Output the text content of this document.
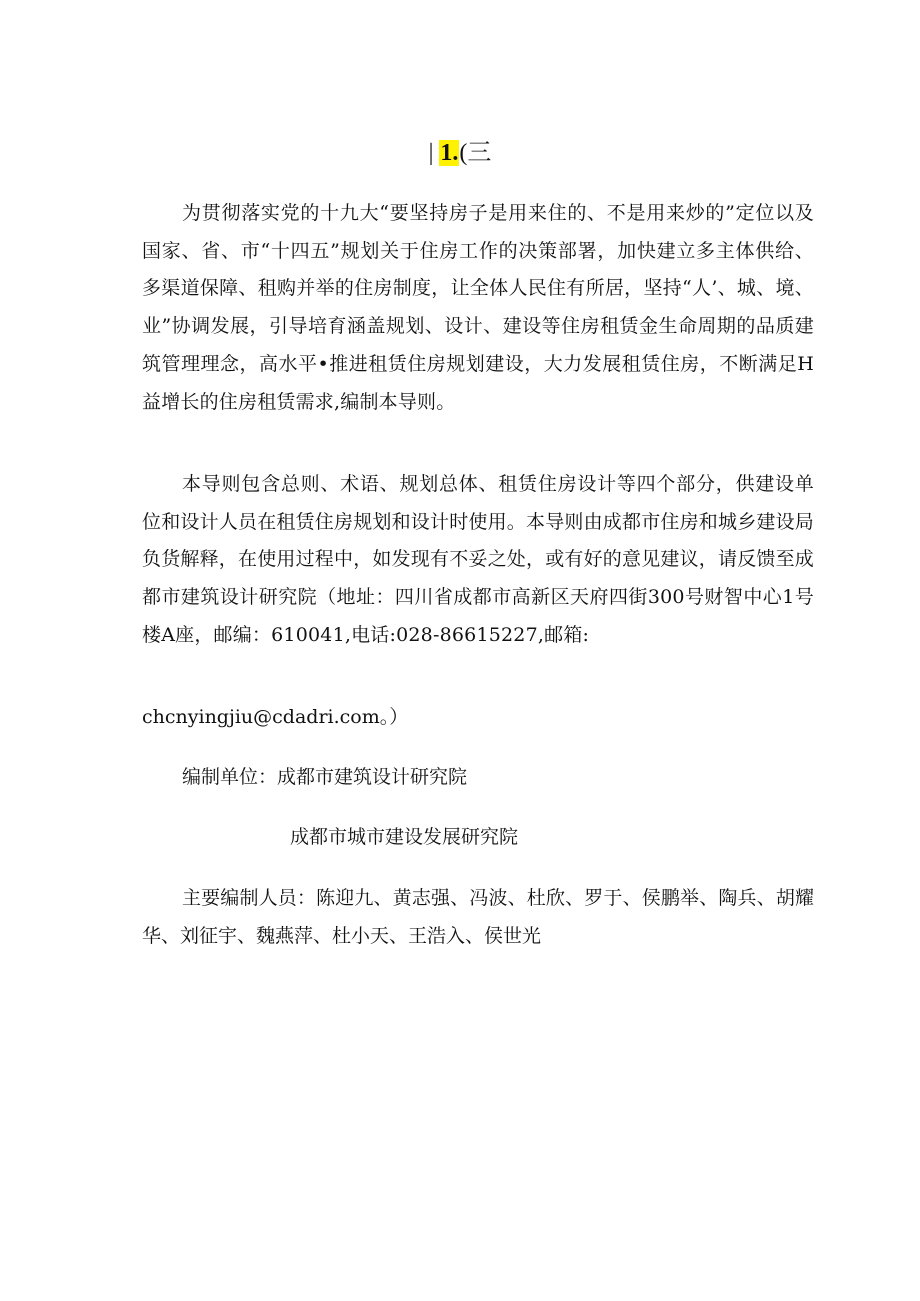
| 1.(三

为贯彻落实党的十九大“要坚持房子是用来住的、不是用来炒的”定位以及国家、省、市“十四五”规划关于住房工作的决策部署，加快建立多主体供给、多渠道保障、租购并举的住房制度，让全体人民住有所居，坚持“人’、城、境、业”协调发展，引导培育涵盖规划、设计、建设等住房租赁金生命周期的品质建筑管理理念，高水平•推进租赁住房规划建设，大力发展租赁住房，不断满足H益增长的住房租赁需求,编制本导则。

本导则包含总则、术语、规划总体、租赁住房设计等四个部分，供建设单位和设计人员在租赁住房规划和设计时使用。本导则由成都市住房和城乡建设局负货解释，在使用过程中，如发现有不妥之处，或有好的意见建议，请反馈至成都市建筑设计研究院（地址：四川省成都市高新区天府四街300号财智中心1号楼A座，邮编：610041,电话:028-86615227,邮箱:

chcnyingjiu@cdadri.com。）

编制单位：成都市建筑设计研究院

成都市城市建设发展研究院

主要编制人员：陈迎九、黄志强、冯波、杜欣、罗于、侯鹏举、陶兵、胡耀华、刘征宇、魏燕萍、杜小天、王浩入、侯世光
